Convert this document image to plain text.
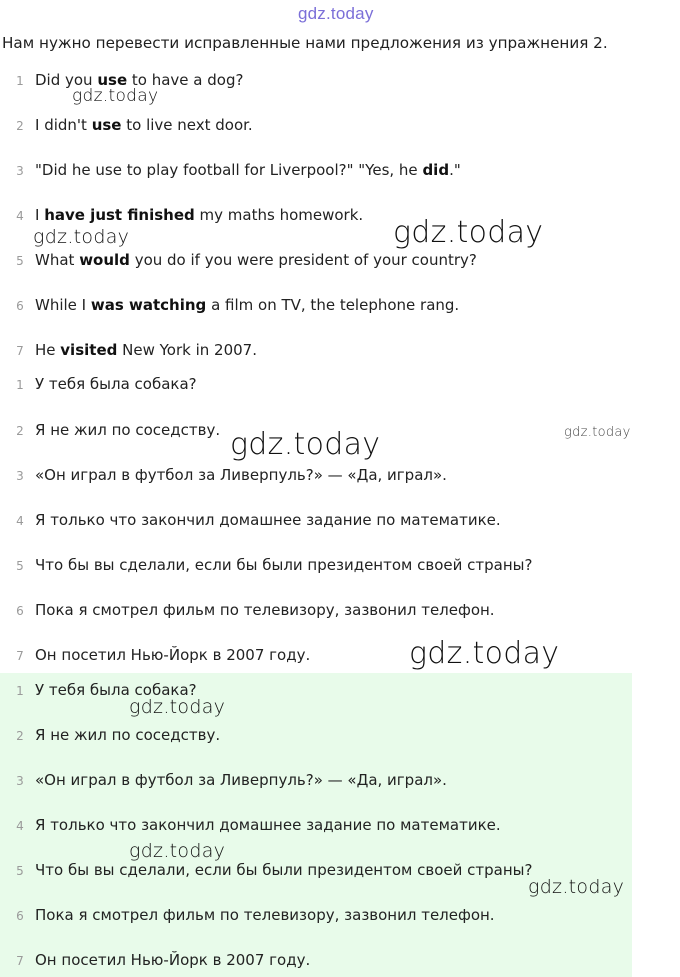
gdz.today
Нам нужно перевести исправленные нами предложения из упражнения 2.
1 Did you use to have a dog?
2 I didn't use to live next door.
3 "Did he use to play football for Liverpool?" "Yes, he did."
4 I have just finished my maths homework.
5 What would you do if you were president of your country?
6 While I was watching a film on TV, the telephone rang.
7 He visited New York in 2007.
1 У тебя была собака?
2 Я не жил по соседству.
3 «Он играл в футбол за Ливерпуль?» — «Да, играл».
4 Я только что закончил домашнее задание по математике.
5 Что бы вы сделали, если бы были президентом своей страны?
6 Пока я смотрел фильм по телевизору, зазвонил телефон.
7 Он посетил Нью-Йорк в 2007 году.
1 У тебя была собака?
2 Я не жил по соседству.
3 «Он играл в футбол за Ливерпуль?» — «Да, играл».
4 Я только что закончил домашнее задание по математике.
5 Что бы вы сделали, если бы были президентом своей страны?
6 Пока я смотрел фильм по телевизору, зазвонил телефон.
7 Он посетил Нью-Йорк в 2007 году.
gdz.today
gdz.today	gdz.today
gdz.today	gdz.today
gdz.today
gdz.today
gdz.today
gdz.today
